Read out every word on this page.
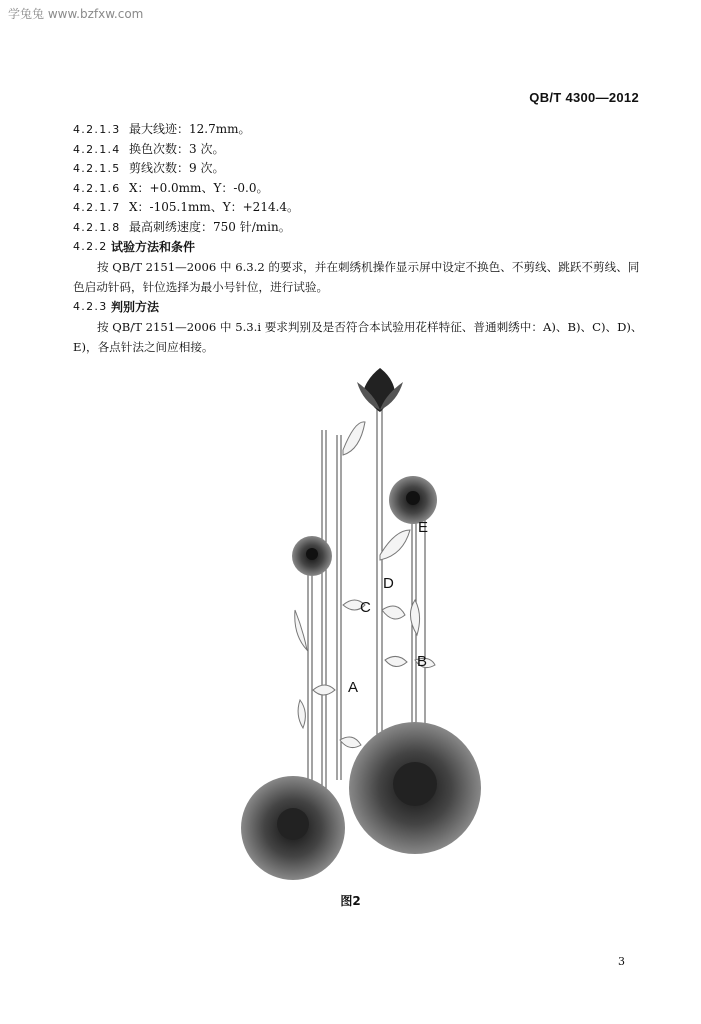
学兔兔 www.bzfxw.com
QB/T 4300—2012
4.2.1.3 最大线迹：12.7mm。
4.2.1.4 换色次数：3 次。
4.2.1.5 剪线次数：9 次。
4.2.1.6 X：+0.0mm、Y：-0.0。
4.2.1.7 X：-105.1mm、Y：+214.4。
4.2.1.8 最高刺绣速度：750 针/min。
4.2.2 试验方法和条件

按 QB/T 2151—2006 中 6.3.2 的要求，并在刺绣机操作显示屏中设定不换色、不剪线、跳跃不剪线、同色启动针码，针位选择为最小号针位，进行试验。

4.2.3 判别方法

按 QB/T 2151—2006 中 5.3.i 要求判别及是否符合本试验用花样特征、普通刺绣中：A)、B)、C)、D)、E)，各点针法之间应相接。

A
B
C
D
E
图2
3
